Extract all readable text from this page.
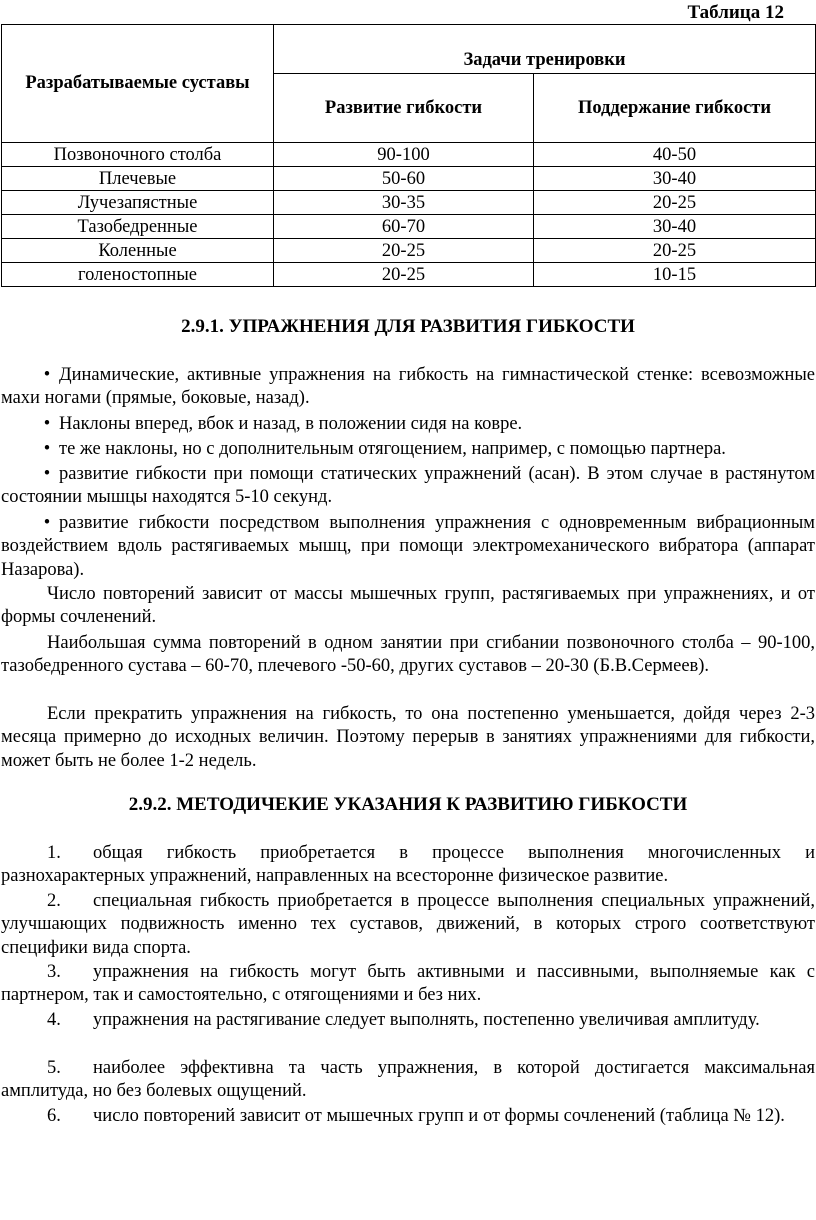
Таблица 12
Разрабатываемые суставы	Задачи тренировки	
	Развитие гибкости	Поддержание гибкости
Позвоночного столба	90-100	40-50
Плечевые	50-60	30-40
Лучезапястные	30-35	20-25
Тазобедренные	60-70	30-40
Коленные	20-25	20-25
голеностопные	20-25	10-15
2.9.1. УПРАЖНЕНИЯ ДЛЯ РАЗВИТИЯ ГИБКОСТИ
• Динамические, активные упражнения на гибкость на гимнастической стенке: всевозможные махи ногами (прямые, боковые, назад).
• Наклоны вперед, вбок и назад, в положении сидя на ковре.
• те же наклоны, но с дополнительным отягощением, например, с помощью партнера.
• развитие гибкости при помощи статических упражнений (асан). В этом случае в растянутом состоянии мышцы находятся 5-10 секунд.
• развитие гибкости посредством выполнения упражнения с одновременным вибрационным воздействием вдоль растягиваемых мышц, при помощи электромеханического вибратора (аппарат Назарова).
Число повторений зависит от массы мышечных групп, растягиваемых при упражнениях, и от формы сочленений.
Наибольшая сумма повторений в одном занятии при сгибании позвоночного столба – 90-100, тазобедренного сустава – 60-70, плечевого -50-60, других суставов – 20-30 (Б.В.Сермеев).
Если прекратить упражнения на гибкость, то она постепенно уменьшается, дойдя через 2-3 месяца примерно до исходных величин. Поэтому перерыв в занятиях упражнениями для гибкости, может быть не более 1-2 недель.
2.9.2. МЕТОДИЧЕКИЕ УКАЗАНИЯ К РАЗВИТИЮ ГИБКОСТИ
1. общая гибкость приобретается в процессе выполнения многочисленных и разнохарактерных упражнений, направленных на всесторонне физическое развитие.
2. специальная гибкость приобретается в процессе выполнения специальных упражнений, улучшающих подвижность именно тех суставов, движений, в которых строго соответствуют специфики вида спорта.
3. упражнения на гибкость могут быть активными и пассивными, выполняемые как с партнером, так и самостоятельно, с отягощениями и без них.
4. упражнения на растягивание следует выполнять, постепенно увеличивая амплитуду.
5. наиболее эффективна та часть упражнения, в которой достигается максимальная амплитуда, но без болевых ощущений.
6. число повторений зависит от мышечных групп и от формы сочленений (таблица № 12).
